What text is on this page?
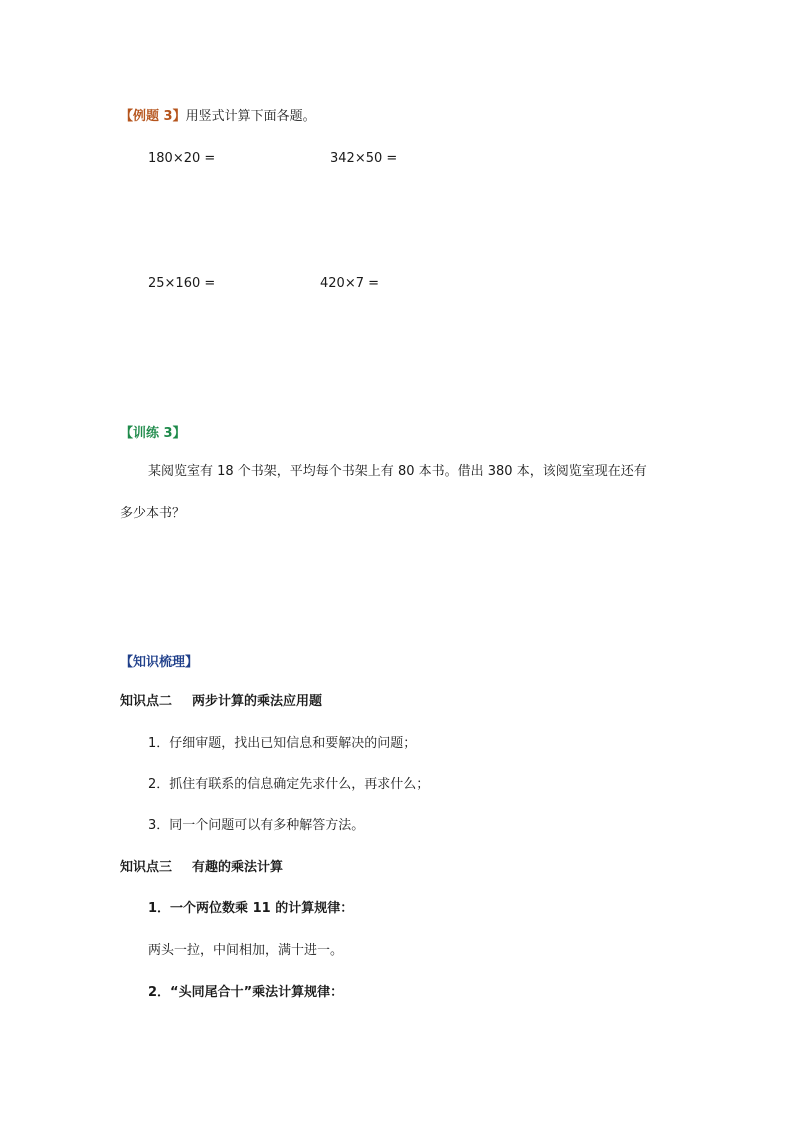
【例题 3】用竖式计算下面各题。
180×20 =	342×50 =
25×160 =	420×7 =
【训练 3】
某阅览室有 18 个书架，平均每个书架上有 80 本书。借出 380 本，该阅览室现在还有
多少本书？
【知识梳理】
知识点二 两步计算的乘法应用题
1．仔细审题，找出已知信息和要解决的问题；
2．抓住有联系的信息确定先求什么，再求什么；
3．同一个问题可以有多种解答方法。
知识点三 有趣的乘法计算
1．一个两位数乘 11 的计算规律：
两头一拉，中间相加，满十进一。
2．“头同尾合十”乘法计算规律：
